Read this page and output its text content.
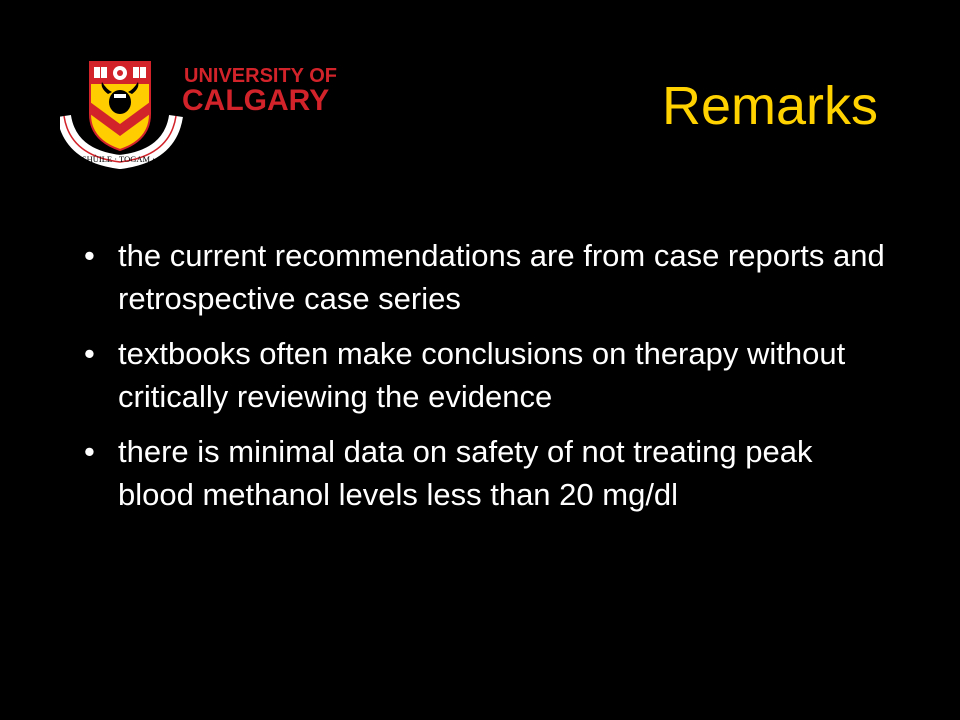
UNIVERSITY OF
CALGARY
MO · SHÙILE · TOGAM · SÙAS
Remarks
• the current recommendations are from case reports and retrospective case series
• textbooks often make conclusions on therapy without critically reviewing the evidence
• there is minimal data on safety of not treating peak blood methanol levels less than 20 mg/dl
